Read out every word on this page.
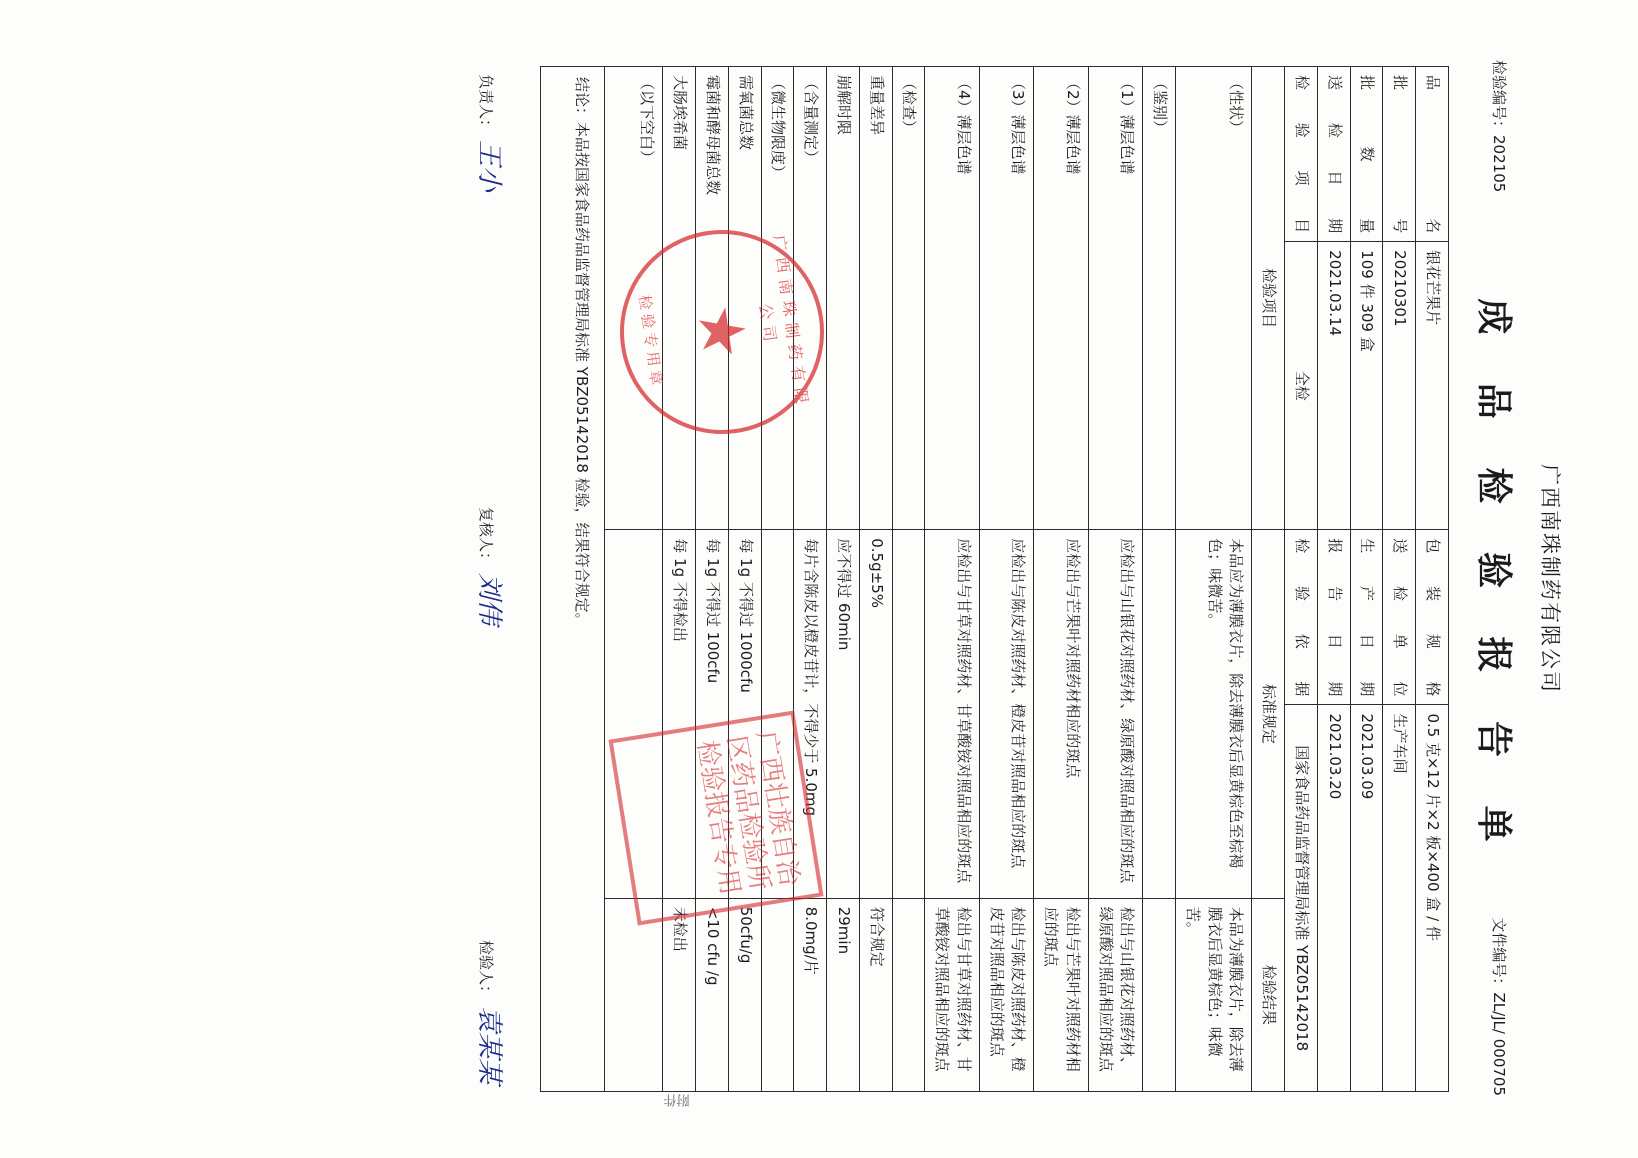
检验编号：202105
文件编号：ZL/JL/ 000705
广西南珠制药有限公司
成 品 检 验 报 告 单
品 名	银花芒果片	包装规格	0.5 克×12 片×2 板×400 盒 / 件	
批 号	20210301	送检单位	生产车间	
批 数 量	109 件 309 盒	生产日期	2021.03.09	
送检日期	2021.03.14	报告日期	2021.03.20	
检验项目	全检	检验依据	国家食品药品监督管理局标准 YBZ05142018	
检验项目		标准规定		检验结果
（性状）		本品应为薄膜衣片，除去薄膜衣后显黄棕色至棕褐色；味微苦。		本品为薄膜衣片，除去薄膜衣后显黄棕色；味微苦。
（鉴别）				
（1）薄层色谱		应检出与山银花对照药材、绿原酸对照品相应的斑点		检出与山银花对照药材、绿原酸对照品相应的斑点
（2）薄层色谱		应检出与芒果叶对照药材相应的斑点		检出与芒果叶对照药材相应的斑点
（3）薄层色谱		应检出与陈皮对照药材、橙皮苷对照品相应的斑点		检出与陈皮对照药材、橙皮苷对照品相应的斑点
（4）薄层色谱		应检出与甘草对照药材、甘草酸铵对照品相应的斑点		检出与甘草对照药材、甘草酸铵对照品相应的斑点
（检查）				
重量差异		0.5g±5%		符合规定
崩解时限		应不得过 60min		29min
（含量测定）		每片含陈皮以橙皮苷计，不得少于 5.0mg		8.0mg/片
（微生物限度）				
需氧菌总数		每 1g 不得过 1000cfu		50cfu/g
霉菌和酵母菌总数		每 1g 不得过 100cfu		<10 cfu /g
大肠埃希菌		每 1g 不得检出		未检出
（以下空白）				
结论：本品按国家食品药品监督管理局标准 YBZ05142018 检验，结果符合规定。
负责人：王小
复核人：刘伟
检验人：袁某某
广西南珠制药有限公司
★
检验专用章
广西壮族自治区药品检验所 检验报告专用
附件
